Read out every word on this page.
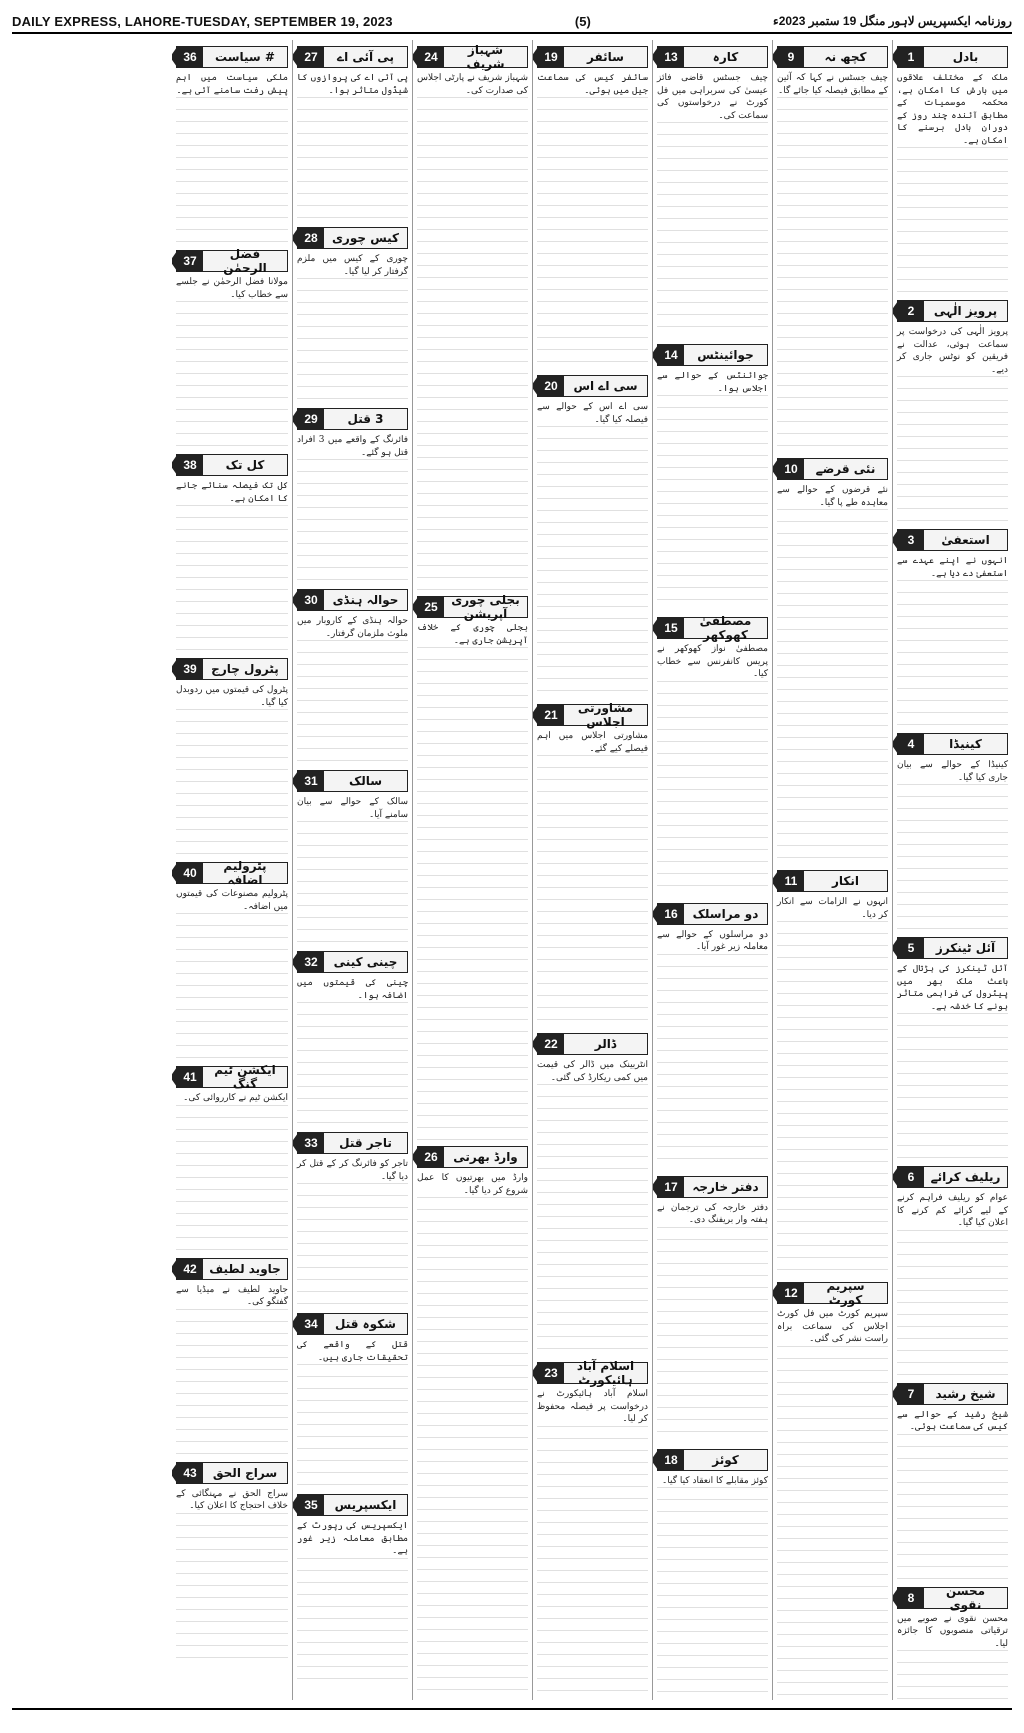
DAILY EXPRESS, LAHORE-TUESDAY, SEPTEMBER 19, 2023	(5)	روزنامہ ایکسپریس لاہور منگل 19 ستمبر 2023ء
بادل
1
ملک کے مختلف علاقوں میں بارش کا امکان ہے، محکمہ موسمیات کے مطابق آئندہ چند روز کے دوران بادل برسنے کا امکان ہے۔
پرویز الٰہی
2
پرویز الٰہی کی درخواست پر سماعت ہوئی، عدالت نے فریقین کو نوٹس جاری کر دیے۔
استعفیٰ
3
انہوں نے اپنے عہدے سے استعفیٰ دے دیا ہے۔
کینیڈا
4
کینیڈا کے حوالے سے بیان جاری کیا گیا۔
آئل ٹینکرز
5
آئل ٹینکرز کی ہڑتال کے باعث ملک بھر میں پیٹرول کی فراہمی متاثر ہونے کا خدشہ ہے۔
ریلیف کرائے
6
عوام کو ریلیف فراہم کرنے کے لیے کرائے کم کرنے کا اعلان کیا گیا۔
شیخ رشید
7
شیخ رشید کے حوالے سے کیس کی سماعت ہوئی۔
محسن نقوی
8
محسن نقوی نے صوبے میں ترقیاتی منصوبوں کا جائزہ لیا۔
کچھ نہ
9
چیف جسٹس نے کہا کہ آئین کے مطابق فیصلہ کیا جائے گا۔
نئی قرضے
10
نئے قرضوں کے حوالے سے معاہدہ طے پا گیا۔
انکار
11
انہوں نے الزامات سے انکار کر دیا۔
سپریم کورٹ
12
سپریم کورٹ میں فل کورٹ اجلاس کی سماعت براہ راست نشر کی گئی۔
کارہ
13
چیف جسٹس قاضی فائز عیسیٰ کی سربراہی میں فل کورٹ نے درخواستوں کی سماعت کی۔
جوائینٹس
14
جوائنٹس کے حوالے سے اجلاس ہوا۔
مصطفیٰ کھوکھر
15
مصطفیٰ نواز کھوکھر نے پریس کانفرنس سے خطاب کیا۔
دو مراسلک
16
دو مراسلوں کے حوالے سے معاملہ زیر غور آیا۔
دفتر خارجہ
17
دفتر خارجہ کی ترجمان نے ہفتہ وار بریفنگ دی۔
کوئز
18
کوئز مقابلے کا انعقاد کیا گیا۔
سائفر
19
سائفر کیس کی سماعت جیل میں ہوئی۔
سی اے اس
20
سی اے اس کے حوالے سے فیصلہ کیا گیا۔
مشاورتی اجلاس
21
مشاورتی اجلاس میں اہم فیصلے کیے گئے۔
ڈالر
22
انٹربینک میں ڈالر کی قیمت میں کمی ریکارڈ کی گئی۔
اسلام آباد ہائیکورٹ
23
اسلام آباد ہائیکورٹ نے درخواست پر فیصلہ محفوظ کر لیا۔
شہباز شریف
24
شہباز شریف نے پارٹی اجلاس کی صدارت کی۔
بجلی چوری آپریشن
25
بجلی چوری کے خلاف آپریشن جاری ہے۔
وارڈ بھرتی
26
وارڈ میں بھرتیوں کا عمل شروع کر دیا گیا۔
پی آئی اے
27
پی آئی اے کی پروازوں کا شیڈول متاثر ہوا۔
کیس چوری
28
چوری کے کیس میں ملزم گرفتار کر لیا گیا۔
3 قتل
29
فائرنگ کے واقعے میں 3 افراد قتل ہو گئے۔
حوالہ ہنڈی
30
حوالہ ہنڈی کے کاروبار میں ملوث ملزمان گرفتار۔
سالک
31
سالک کے حوالے سے بیان سامنے آیا۔
چینی کینی
32
چینی کی قیمتوں میں اضافہ ہوا۔
تاجر قتل
33
تاجر کو فائرنگ کر کے قتل کر دیا گیا۔
شکوہ قتل
34
قتل کے واقعے کی تحقیقات جاری ہیں۔
ایکسپریس
35
ایکسپریس کی رپورٹ کے مطابق معاملہ زیر غور ہے۔
# سیاست
36
ملکی سیاست میں اہم پیش رفت سامنے آئی ہے۔
فضل الرحمٰن
37
مولانا فضل الرحمٰن نے جلسے سے خطاب کیا۔
کل تک
38
کل تک فیصلہ سنائے جانے کا امکان ہے۔
پٹرول چارج
39
پٹرول کی قیمتوں میں ردوبدل کیا گیا۔
پٹرولیم اضافہ
40
پٹرولیم مصنوعات کی قیمتوں میں اضافہ۔
ایکشن ٹیم گنگ
41
ایکشن ٹیم نے کارروائی کی۔
جاوید لطیف
42
جاوید لطیف نے میڈیا سے گفتگو کی۔
سراج الحق
43
سراج الحق نے مہنگائی کے خلاف احتجاج کا اعلان کیا۔
